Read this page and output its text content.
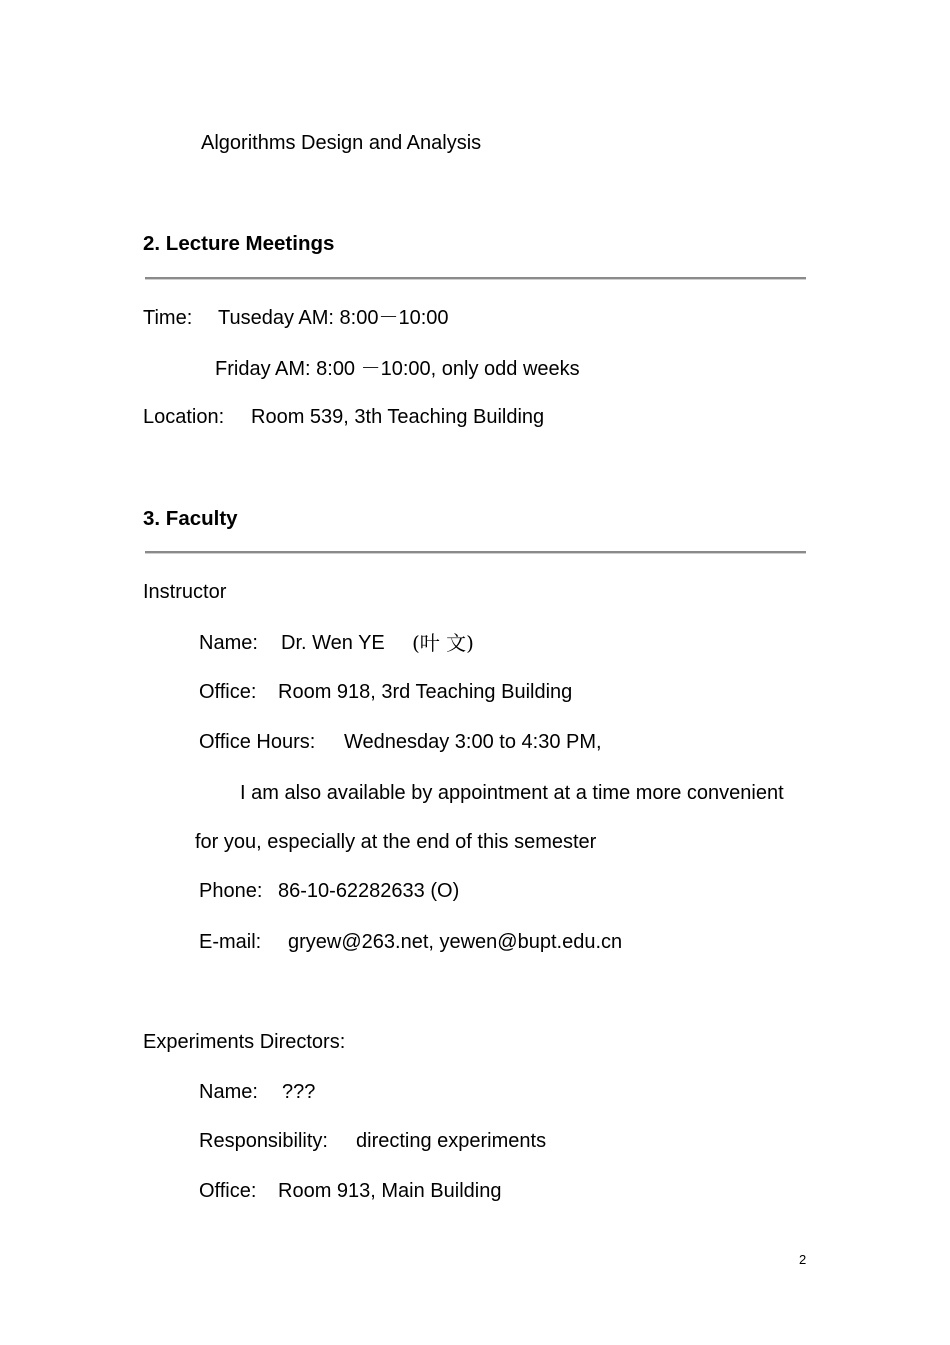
Algorithms Design and Analysis
2. Lecture Meetings
Time: Tuseday AM: 8:00－10:00
Friday AM: 8:00 －10:00, only odd weeks
Location: Room 539, 3th Teaching Building
3. Faculty
Instructor
Name: Dr. Wen YE (叶 文)
Office: Room 918, 3rd Teaching Building
Office Hours: Wednesday 3:00 to 4:30 PM,
I am also available by appointment at a time more convenient
for you, especially at the end of this semester
Phone: 86-10-62282633 (O)
E-mail: gryew@263.net, yewen@bupt.edu.cn
Experiments Directors:
Name: ???
Responsibility: directing experiments
Office: Room 913, Main Building
2
